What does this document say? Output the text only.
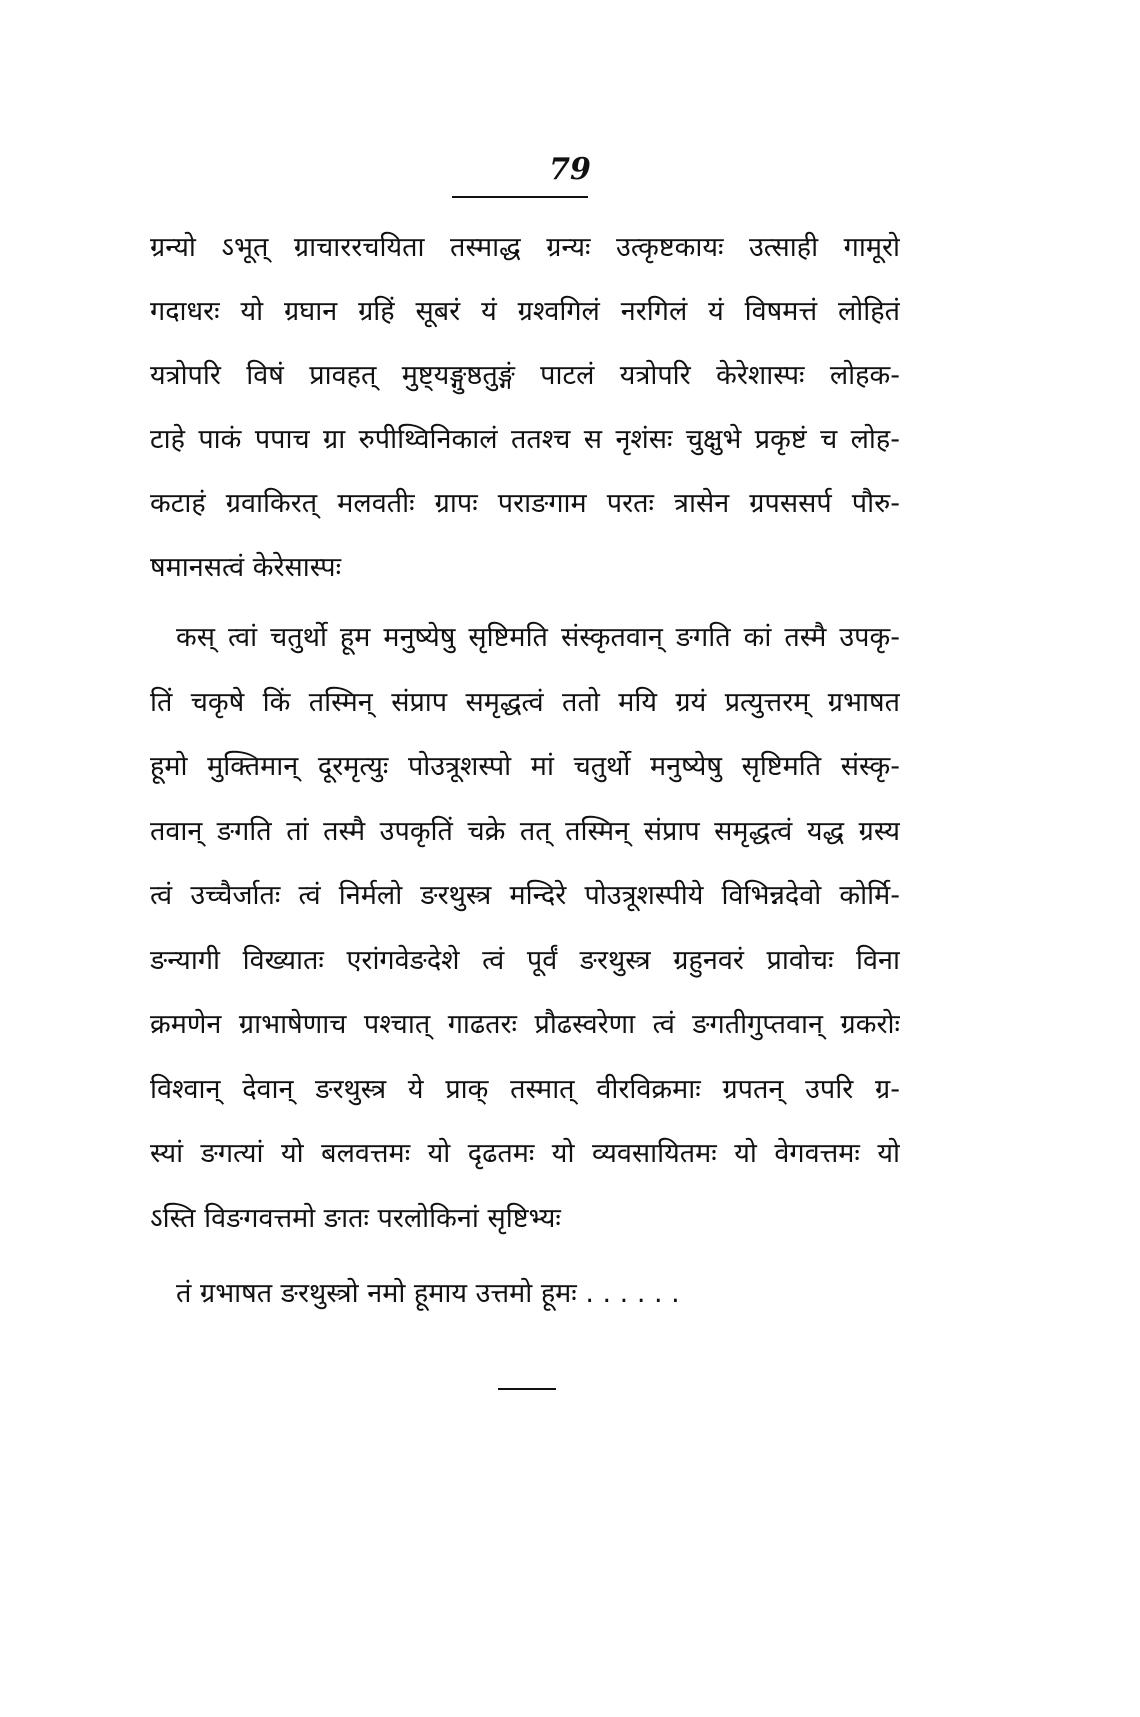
79
ग्रन्यो ऽभूत् ग्राचाररचयिता तस्माद्ध ग्रन्यः उत्कृष्टकायः उत्साही गामूरो
गदाधरः यो ग्रघान ग्रहिं सूबरं यं ग्रश्वगिलं नरगिलं यं विषमत्तं लोहितं
यत्रोपरि विषं प्रावहत् मुष्ट्यङ्गुष्ठतुङ्गं पाटलं यत्रोपरि केरेशास्पः लोहक-
टाहे पाकं पपाच ग्रा रुपीथ्विनिकालं ततश्च स नृशंसः चुक्षुभे प्रकृष्टं च लोह-
कटाहं ग्रवाकिरत् मलवतीः ग्रापः पराङगाम परतः त्रासेन ग्रपससर्प पौरु-
षमानसत्वं केरेसास्पः
कस् त्वां चतुर्थो हूम मनुष्येषु सृष्टिमति संस्कृतवान् ङगति कां तस्मै उपकृ-
तिं चकृषे किं तस्मिन् संप्राप समृद्धत्वं ततो मयि ग्रयं प्रत्युत्तरम् ग्रभाषत
हूमो मुक्तिमान् दूरमृत्युः पोउत्रूशस्पो मां चतुर्थो मनुष्येषु सृष्टिमति संस्कृ-
तवान् ङगति तां तस्मै उपकृतिं चक्रे तत् तस्मिन् संप्राप समृद्धत्वं यद्ध ग्रस्य
त्वं उच्चैर्जातः त्वं निर्मलो ङरथुस्त्र मन्दिरे पोउत्रूशस्पीये विभिन्नदेवो कोर्मि-
ङन्यागी विख्यातः एरांगवेङदेशे त्वं पूर्वं ङरथुस्त्र ग्रहुनवरं प्रावोचः विना
क्रमणेन ग्राभाषेणाच पश्चात् गाढतरः प्रौढस्वरेणा त्वं ङगतीगुप्तवान् ग्रकरोः
विश्वान् देवान् ङरथुस्त्र ये प्राक् तस्मात् वीरविक्रमाः ग्रपतन् उपरि ग्र-
स्यां ङगत्यां यो बलवत्तमः यो दृढतमः यो व्यवसायितमः यो वेगवत्तमः यो
ऽस्ति विङगवत्तमो ङातः परलोकिनां सृष्टिभ्यः
तं ग्रभाषत ङरथुस्त्रो नमो हूमाय उत्तमो हूमः . . . . . .
